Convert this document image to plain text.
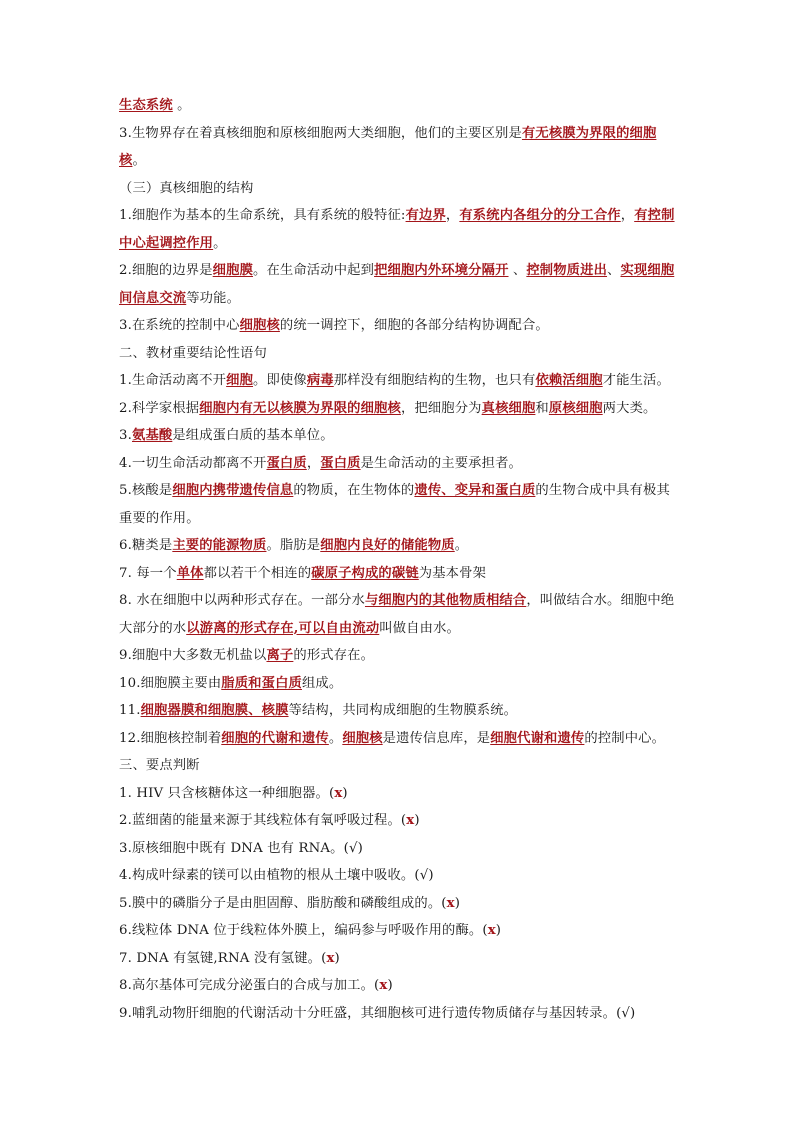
生态系统 。
3.生物界存在着真核细胞和原核细胞两大类细胞，他们的主要区别是有无核膜为界限的细胞核。
（三）真核细胞的结构
1.细胞作为基本的生命系统，具有系统的般特征:有边界，有系统内各组分的分工合作，有控制中心起调控作用。
2.细胞的边界是细胞膜。在生命活动中起到把细胞内外环境分隔开 、控制物质进出、实现细胞间信息交流等功能。
3.在系统的控制中心细胞核的统一调控下，细胞的各部分结构协调配合。
二、教材重要结论性语句
1.生命活动离不开细胞。即使像病毒那样没有细胞结构的生物，也只有依赖活细胞才能生活。
2.科学家根据细胞内有无以核膜为界限的细胞核，把细胞分为真核细胞和原核细胞两大类。
3.氨基酸是组成蛋白质的基本单位。
4.一切生命活动都离不开蛋白质，蛋白质是生命活动的主要承担者。
5.核酸是细胞内携带遗传信息的物质，在生物体的遗传、变异和蛋白质的生物合成中具有极其重要的作用。
6.糖类是主要的能源物质。脂肪是细胞内良好的储能物质。
7. 每一个单体都以若干个相连的碳原子构成的碳链为基本骨架
8. 水在细胞中以两种形式存在。一部分水与细胞内的其他物质相结合，叫做结合水。细胞中绝大部分的水以游离的形式存在,可以自由流动叫做自由水。
9.细胞中大多数无机盐以离子的形式存在。
10.细胞膜主要由脂质和蛋白质组成。
11.细胞器膜和细胞膜、核膜等结构，共同构成细胞的生物膜系统。
12.细胞核控制着细胞的代谢和遗传。细胞核是遗传信息库，是细胞代谢和遗传的控制中心。
三、要点判断
1. HIV 只含核糖体这一种细胞器。(x)
2.蓝细菌的能量来源于其线粒体有氧呼吸过程。(x)
3.原核细胞中既有 DNA 也有 RNA。(√)
4.构成叶绿素的镁可以由植物的根从土壤中吸收。(√)
5.膜中的磷脂分子是由胆固醇、脂肪酸和磷酸组成的。(x)
6.线粒体 DNA 位于线粒体外膜上，编码参与呼吸作用的酶。(x)
7. DNA 有氢键,RNA 没有氢键。(x)
8.高尔基体可完成分泌蛋白的合成与加工。(x)
9.哺乳动物肝细胞的代谢活动十分旺盛，其细胞核可进行遗传物质储存与基因转录。(√)
